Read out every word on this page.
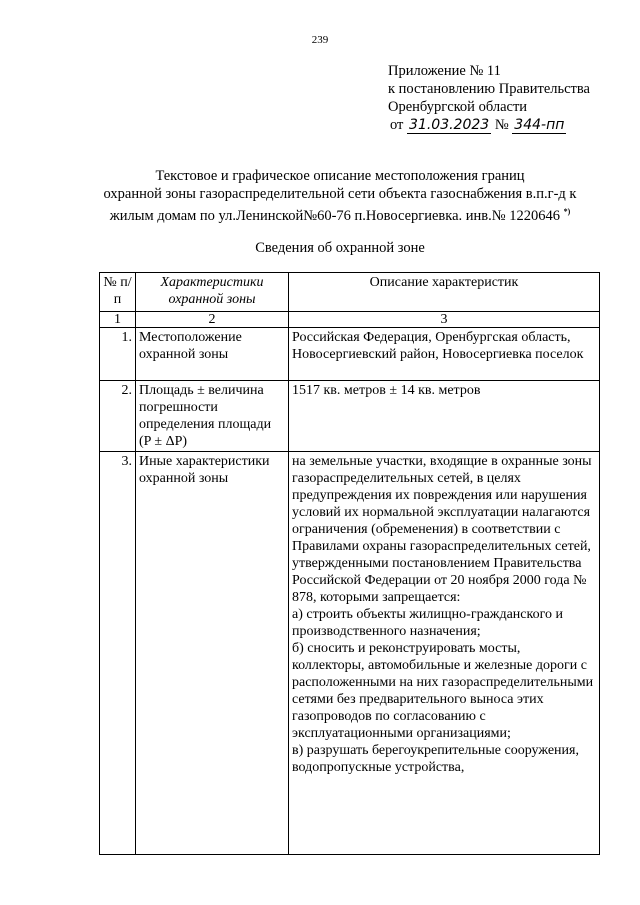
239
Приложение № 11
к постановлению Правительства
Оренбургской области
от 31.03.2023 № 344-пп
Текстовое и графическое описание местоположения границ
охранной зоны газораспределительной сети объекта газоснабжения в.п.г-д к
жилым домам по ул.Ленинской№60-76 п.Новосергиевка. инв.№ 1220646 *)
Сведения об охранной зоне
№ п/п	Характеристики охранной зоны	Описание характеристик
1	2	3
1.	Местоположение охранной зоны	Российская Федерация, Оренбургская область, Новосергиевский район, Новосергиевка поселок
2.	Площадь ± величина погрешности определения площади (P ± ΔP)	1517 кв. метров ± 14 кв. метров
3.	Иные характеристики охранной зоны	на земельные участки, входящие в охранные зоны газораспределительных сетей, в целях предупреждения их повреждения или нарушения условий их нормальной эксплуатации налагаются ограничения (обременения) в соответствии с Правилами охраны газораспределительных сетей, утвержденными постановлением Правительства Российской Федерации от 20 ноября 2000 года № 878, которыми запрещается:

а) строить объекты жилищно-гражданского и производственного назначения;

б) сносить и реконструировать мосты, коллекторы, автомобильные и железные дороги с расположенными на них газораспределительными сетями без предварительного выноса этих газопроводов по согласованию с эксплуатационными организациями;

в) разрушать берегоукрепительные сооружения, водопропускные устройства,
